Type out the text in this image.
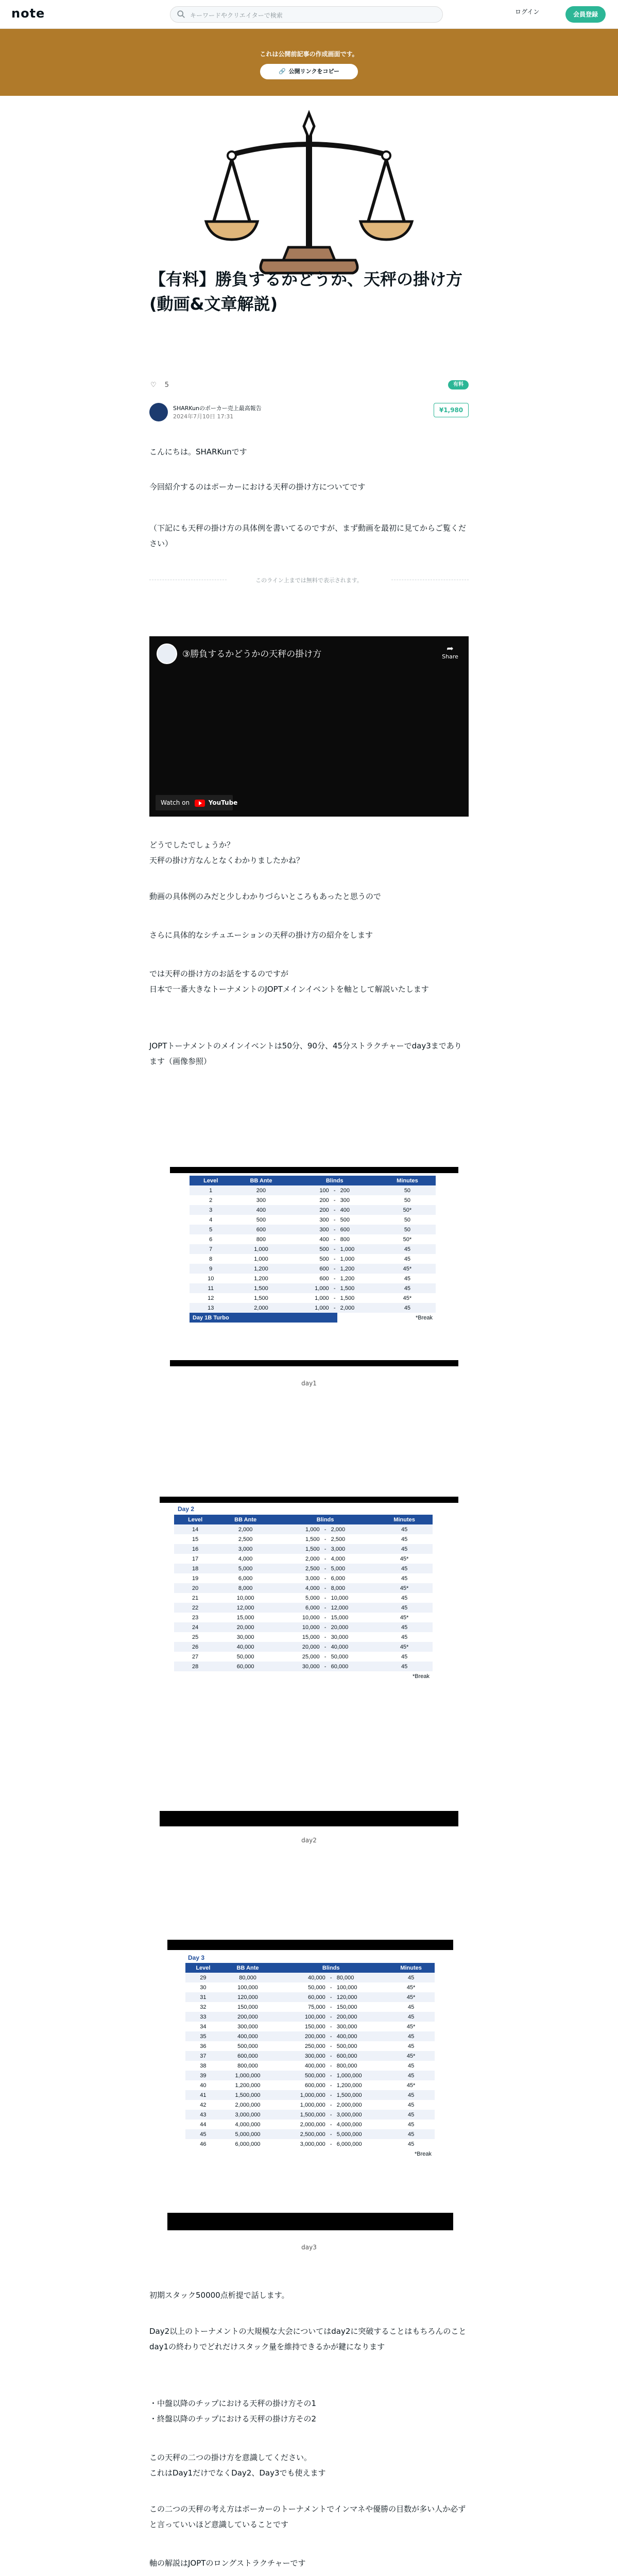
note	キーワードやクリエイターで検索	ログイン	会員登録
これは公開前記事の作成画面です。
🔗 公開リンクをコピー
【有料】勝負するかどうか、天秤の掛け方(動画&文章解説)
♡ 5	有料
SHARKunのポーカー売上最高報告
2024年7月10日 17:31
¥1,980
こんにちは。SHARKunです
今回紹介するのはポーカーにおける天秤の掛け方についてです
（下記にも天秤の掛け方の具体例を書いてるのですが、まず動画を最初に見てからご覧ください）
このライン上までは無料で表示されます。
③勝負するかどうかの天秤の掛け方
➦
Share
Watch on	YouTube
どうでしたでしょうか？
天秤の掛け方なんとなくわかりましたかね？
動画の具体例のみだと少しわかりづらいところもあったと思うので
さらに具体的なシチュエーションの天秤の掛け方の紹介をします
では天秤の掛け方のお話をするのですが
日本で一番大きなトーナメントのJOPTメインイベントを軸として解説いたします
JOPTトーナメントのメインイベントは50分、90分、45分ストラクチャーでday3まであります（画像参照）
Level	BB Ante	Blinds			Minutes
1	200	100	-	200	50
2	300	200	-	300	50
3	400	200	-	400	50*
4	500	300	-	500	50
5	600	300	-	600	50
6	800	400	-	800	50*
7	1,000	500	-	1,000	45
8	1,000	500	-	1,000	45
9	1,200	600	-	1,200	45*
10	1,200	600	-	1,200	45
11	1,500	1,000	-	1,500	45
12	1,500	1,000	-	1,500	45*
13	2,000	1,000	-	2,000	45
Day 1B Turbo				*Break	
day1
Day 2
Level	BB Ante	Blinds			Minutes
14	2,000	1,000	-	2,000	45
15	2,500	1,500	-	2,500	45
16	3,000	1,500	-	3,000	45
17	4,000	2,000	-	4,000	45*
18	5,000	2,500	-	5,000	45
19	6,000	3,000	-	6,000	45
20	8,000	4,000	-	8,000	45*
21	10,000	5,000	-	10,000	45
22	12,000	6,000	-	12,000	45
23	15,000	10,000	-	15,000	45*
24	20,000	10,000	-	20,000	45
25	30,000	15,000	-	30,000	45
26	40,000	20,000	-	40,000	45*
27	50,000	25,000	-	50,000	45
28	60,000	30,000	-	60,000	45
				*Break	
day2
Day 3
Level	BB Ante	Blinds			Minutes
29	80,000	40,000	-	80,000	45
30	100,000	50,000	-	100,000	45*
31	120,000	60,000	-	120,000	45*
32	150,000	75,000	-	150,000	45
33	200,000	100,000	-	200,000	45
34	300,000	150,000	-	300,000	45*
35	400,000	200,000	-	400,000	45
36	500,000	250,000	-	500,000	45
37	600,000	300,000	-	600,000	45*
38	800,000	400,000	-	800,000	45
39	1,000,000	500,000	-	1,000,000	45
40	1,200,000	600,000	-	1,200,000	45*
41	1,500,000	1,000,000	-	1,500,000	45
42	2,000,000	1,000,000	-	2,000,000	45
43	3,000,000	1,500,000	-	3,000,000	45
44	4,000,000	2,000,000	-	4,000,000	45
45	5,000,000	2,500,000	-	5,000,000	45
46	6,000,000	3,000,000	-	6,000,000	45
				*Break	
day3
初期スタック50000点析提で話します。
Day2以上のトーナメントの大規模な大会についてはday2に突破することはもちろんのことday1の終わりでどれだけスタック量を維持できるかが鍵になります
・中盤以降のチップにおける天秤の掛け方その1
・終盤以降のチップにおける天秤の掛け方その2
この天秤の二つの掛け方を意識してください。
これはDay1だけでなくDay2、Day3でも使えます
この二つの天秤の考え方はポーカーのトーナメントでインマネや優勝の目数が多い人か必ずと言っていいほど意識していることです
軸の解説はJOPTのロングストラクチャーです
